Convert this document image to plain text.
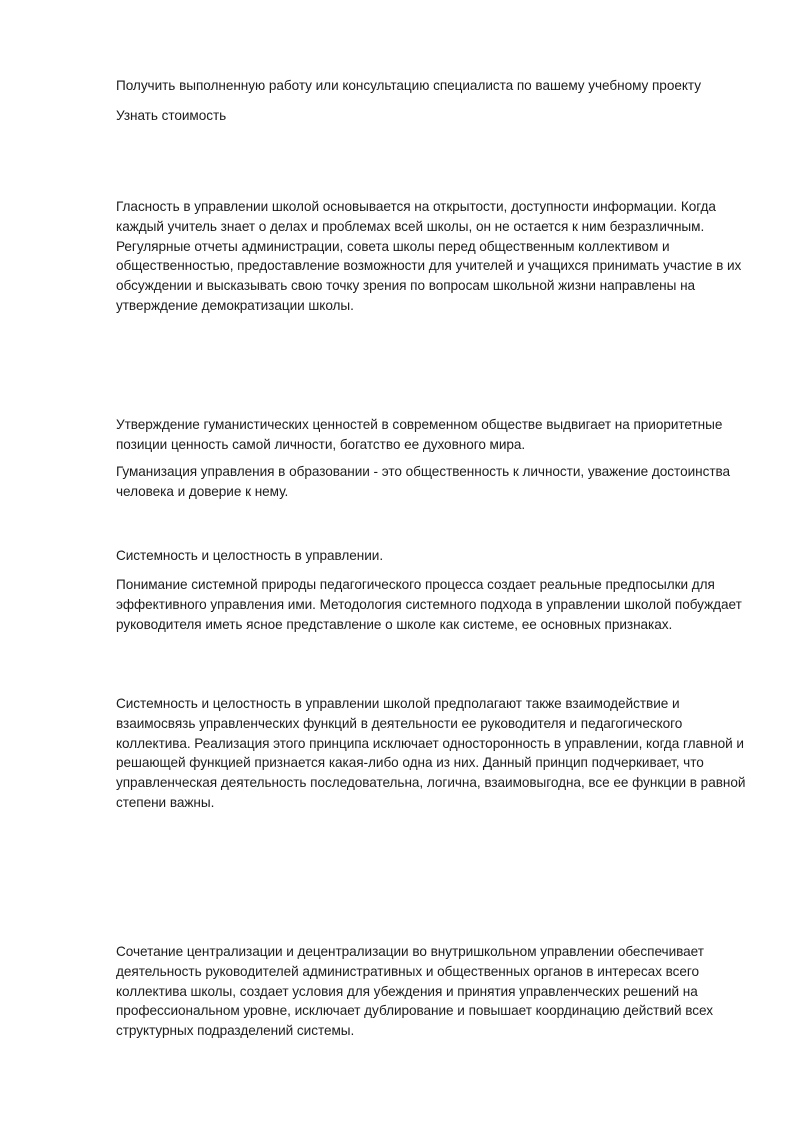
Получить выполненную работу или консультацию специалиста по вашему учебному проекту

Узнать стоимость

Гласность в управлении школой основывается на открытости, доступности информации. Когда каждый учитель знает о делах и проблемах всей школы, он не остается к ним безразличным. Регулярные отчеты администрации, совета школы перед общественным коллективом и общественностью, предоставление возможности для учителей и учащихся принимать участие в их обсуждении и высказывать свою точку зрения по вопросам школьной жизни направлены на утверждение демократизации школы.

Утверждение гуманистических ценностей в современном обществе выдвигает на приоритетные позиции ценность самой личности, богатство ее духовного мира.

Гуманизация управления в образовании - это общественность к личности, уважение достоинства человека и доверие к нему.

Системность и целостность в управлении.

Понимание системной природы педагогического процесса создает реальные предпосылки для эффективного управления ими. Методология системного подхода в управлении школой побуждает руководителя иметь ясное представление о школе как системе, ее основных признаках.

Системность и целостность в управлении школой предполагают также взаимодействие и взаимосвязь управленческих функций в деятельности ее руководителя и педагогического коллектива. Реализация этого принципа исключает односторонность в управлении, когда главной и решающей функцией признается какая-либо одна из них. Данный принцип подчеркивает, что управленческая деятельность последовательна, логична, взаимовыгодна, все ее функции в равной степени важны.

Сочетание централизации и децентрализации во внутришкольном управлении обеспечивает деятельность руководителей административных и общественных органов в интересах всего коллектива школы, создает условия для убеждения и принятия управленческих решений на профессиональном уровне, исключает дублирование и повышает координацию действий всех структурных подразделений системы.
